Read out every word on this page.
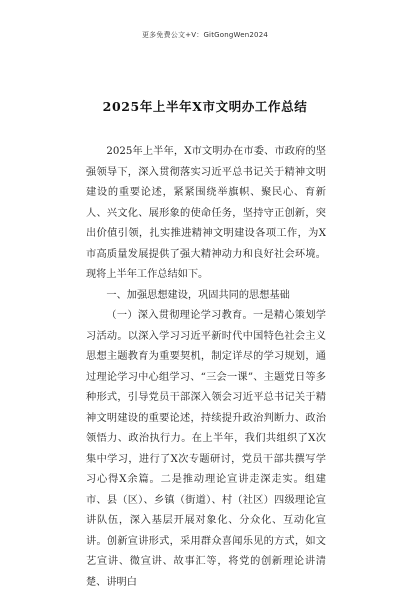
更多免费公文+V：GitGongWen2024
2025年上半年X市文明办工作总结

2025年上半年，X市文明办在市委、市政府的坚强领导下，深入贯彻落实习近平总书记关于精神文明建设的重要论述，紧紧围绕举旗帜、聚民心、育新人、兴文化、展形象的使命任务，坚持守正创新，突出价值引领，扎实推进精神文明建设各项工作，为X市高质量发展提供了强大精神动力和良好社会环境。现将上半年工作总结如下。

一、加强思想建设，巩固共同的思想基础

（一）深入贯彻理论学习教育。一是精心策划学习活动。以深入学习习近平新时代中国特色社会主义思想主题教育为重要契机，制定详尽的学习规划，通过理论学习中心组学习、“三会一课”、主题党日等多种形式，引导党员干部深入领会习近平总书记关于精神文明建设的重要论述，持续提升政治判断力、政治领悟力、政治执行力。在上半年，我们共组织了X次集中学习，进行了X次专题研讨，党员干部共撰写学习心得X余篇。二是推动理论宣讲走深走实。组建市、县（区）、乡镇（街道）、村（社区）四级理论宣讲队伍，深入基层开展对象化、分众化、互动化宣讲。创新宣讲形式，采用群众喜闻乐见的方式，如文艺宣讲、微宣讲、故事汇等，将党的创新理论讲清楚、讲明白
